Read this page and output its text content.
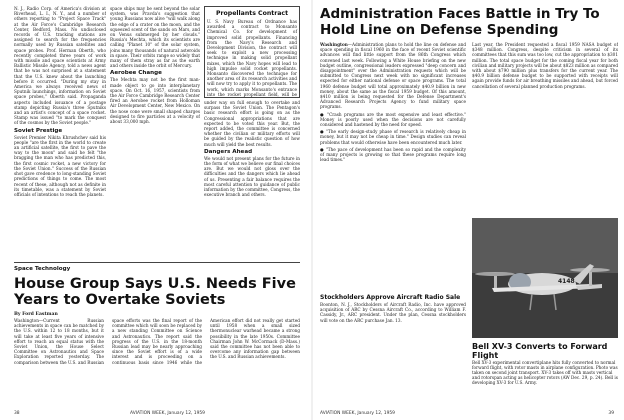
N. J., Radio Corp. of America's division at Riverhead, L. I., N. Y., and a number of others reporting to "Project Space Track" at the Air Force's Cambridge Research Center, Bedford, Mass. No undisclosed records of U.S. tracking stations are assigned to search for the frequencies normally used by Russian satellites and space probes. Prof. Herman Oberth, who recently completed three years of work with missile and space scientists at Army Ballistic Missile Agency, told a news agent that he was not surprised at a statement that the U.S. knew about the launching before it occurred. "During my stay in America we always received news of Sputnik launchings, information on Soviet space probes," Oberth said. Propaganda aspects included issuance of a postage stamp depicting Russia's three Sputniks and an artist's concept of a space rocket. Stamp was issued "to mark the conquest of the cosmos by the Soviet people."

Soviet Prestige

Soviet Premier Nikita Khrushchev said his people "are the first in the world to create an artificial satellite, the first to pave the way to the moon" and said he felt "the bragging the man who has predicted this, the first cosmic rocket, a new victory for the Soviet Union." Success of the Russian shot gave credence to long-standing Soviet predictions of things to come. The most recent of these, although not as definite in its timetable, was a statement by Soviet officials of intentions to reach the planets.

space ships may be sent beyond the solar system, was Pravda's suggestion that young Russians now alive "will walk along the edge of a crater on the moon, and the squeezed scent of the sands on Mars, and on Venus submerged by her clouds." Russia's Mechta, which its scientists are calling "Planet 10" of the solar system, joins many thousands of natural asteroids in space. Their orbits range so widely that many of them stray as far as the earth and others inside the orbit of Mercury.

Aerobee Change

The Mechta may not be the first man-made object to go into interplanetary space. On Oct. 16, 1957, scientists from the Air Force Cambridge Research Center fired an Aerobee rocket from Holloman Air Development Center, New Mexico. On the nose cone were small shaped charges designed to fire particles at a velocity of about 33,000 mph.

Propellants Contract

U. S. Navy Bureau of Ordnance has awarded a contract to Monsanto Chemical Co. for development of improved solid propellants. Financing from the Navy's Research and Development Division, the contract will seek to exploit a new processing technique in making solid propellant mixes, which the Navy hopes will lead to high impulse solid rocket propellants. Monsanto discovered the technique for another area of its research activities and will now try to apply it to propellants. The work, which marks Monsanto's entrance into the rocket propellant field, will be

under way on full enough to overtake and surpass the Soviet Union. The Pentagon's basic research effort is going on as the Congressional appropriations that are expected to be voted this year. But, the report added, the committee is concerned whether the civilian or military efforts will be guided by the realistic question of how much will yield the best results.

Dangers Ahead

We would not present plans for the future in the form of what we believe our final choices are. But we would not gloss over the difficulties and the dangers which lie ahead of us. Presenting a fair balance requires the most careful attention to guidance of public information by the committee, Congress, the executive branch and others.

Space Technology
House Group Says U.S. Needs Five Years to Overtake Soviets
By Ford Eastman

Washington—Current Russian achievements in space can be matched by the U.S. within 12 to 18 months, but it will take at least five years of intensive effort to reach an equal status with the Soviet Union, the House Select Committee on Astronautics and Space Exploration reported yesterday. The comparison between the U.S. and Russian space efforts was the final report of the committee which will soon be replaced by a new standing Committee on Science and Astronautics. The report said the progress of the U.S. in the 18-month Russian lead may be nearly approaching since the Soviet effort is of a wide interest and is proceeding on a continuous basis since 1946 while the American effort did not really get started until 1958 when a small sized thermonuclear warhead became a strong possibility in the late 1950s. Committee Chairman John W. McCormack (D-Mass.) said the committee has not been able to overcome any information gap between the U.S. and Russian achievements.

38	AVIATION WEEK, January 12, 1959
Administration Faces Battle in Try To Hold Line on Defense Spending

Washington—Administration plans to hold the line on defense and space spending in fiscal 1960 in the face of recent Soviet scientific advances will find little support from the 86th Congress which convened last week. Following a White House briefing on the new budget outline, congressional leaders expressed "deep concern and disappointment" over the Administration requests which will be submitted to Congress next week with no significant increases expected for either national defense or space programs. The total 1960 defense budget will total approximately $40.9 billion in new money, about the same as the fiscal 1959 budget. Of this amount, $410 million is being requested for the Defense Department's Advanced Research Projects Agency to fund military space programs.

● "Crash programs are the most expensive and least effective." Money is poorly used when the decisions are not carefully considered and hastened by the need for speed.

● "The early design-study phase of research is relatively cheap in money, but it may not be cheap in time." Design studies can reveal problems that would otherwise have been encountered much later.

● "The pace of development has been so rapid and the complexity of many projects is growing so that these programs require long lead times."

Last year, the President requested a fiscal 1959 NASA budget of $348 million. Congress, despite criticism in several of its committees that this sum was too low, cut the appropriation to $301 million. The total space budget for the coming fiscal year for both civilian and military projects will be about $823 million as compared with about $790 million plus transfers for the current year. The $40.9 billion defense budget to be supported with receipts will again provide funds for air breathing missiles and ahead, but forced cancellation of several planned production programs.

Stockholders Approve Aircraft Radio Sale

Boonton, N. J., Stockholders of Aircraft Radio, Inc. have approved acquisition of ARC by Cessna Aircraft Co., according to William F. Cassidy, Jr., ARC president. Under the plan, Cessna stockholders will vote on the ARC purchase Jan. 13.

4148
Bell XV-3 Converts to Forward Flight
Bell XV-3 experimental convertiplane hits fully converted to normal forward flight, with rotor masts in airplane configuration. Photo was taken on second joint transport. XV-3 takes off with masts vertical and rotorspan acting as helicopter rotors (AW Dec. 29, p. 24). Bell is developing XV-3 for U.S. Army.
AVIATION WEEK, January 12, 1959	39
